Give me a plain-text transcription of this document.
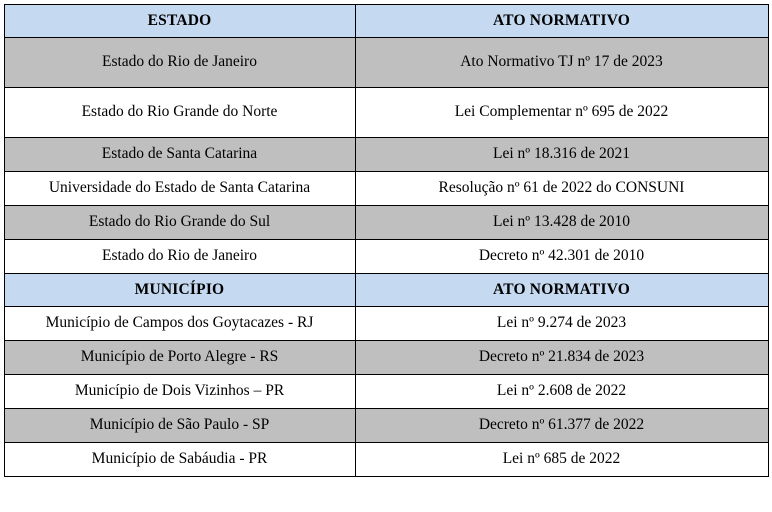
ESTADO	ATO NORMATIVO
Estado do Rio de Janeiro	Ato Normativo TJ nº 17 de 2023
Estado do Rio Grande do Norte	Lei Complementar nº 695 de 2022
Estado de Santa Catarina	Lei nº 18.316 de 2021
Universidade do Estado de Santa Catarina	Resolução nº 61 de 2022 do CONSUNI
Estado do Rio Grande do Sul	Lei nº 13.428 de 2010
Estado do Rio de Janeiro	Decreto nº 42.301 de 2010
MUNICÍPIO	ATO NORMATIVO
Município de Campos dos Goytacazes - RJ	Lei nº 9.274 de 2023
Município de Porto Alegre - RS	Decreto nº 21.834 de 2023
Município de Dois Vizinhos – PR	Lei nº 2.608 de 2022
Município de São Paulo - SP	Decreto nº 61.377 de 2022
Município de Sabáudia - PR	Lei nº 685 de 2022
